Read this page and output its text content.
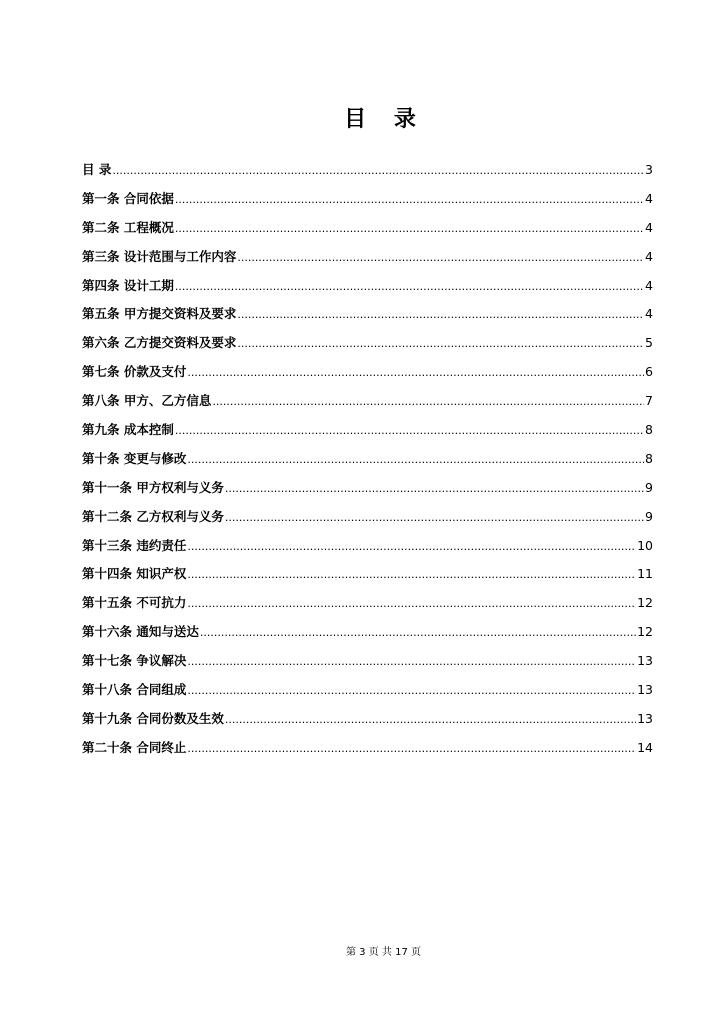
目 录
目 录 .....	3
第一条 合同依据 .....	4
第二条 工程概况 .....	4
第三条 设计范围与工作内容 .....	4
第四条 设计工期 .....	4
第五条 甲方提交资料及要求 .....	4
第六条 乙方提交资料及要求 .....	5
第七条 价款及支付 .....	6
第八条 甲方、乙方信息 .....	7
第九条 成本控制 .....	8
第十条 变更与修改 .....	8
第十一条 甲方权利与义务 .....	9
第十二条 乙方权利与义务 .....	9
第十三条 违约责任 .....	10
第十四条 知识产权 .....	11
第十五条 不可抗力 .....	12
第十六条 通知与送达 .....	12
第十七条 争议解决 .....	13
第十八条 合同组成 .....	13
第十九条 合同份数及生效 .....	13
第二十条 合同终止 .....	14
第 3 页 共 17 页
